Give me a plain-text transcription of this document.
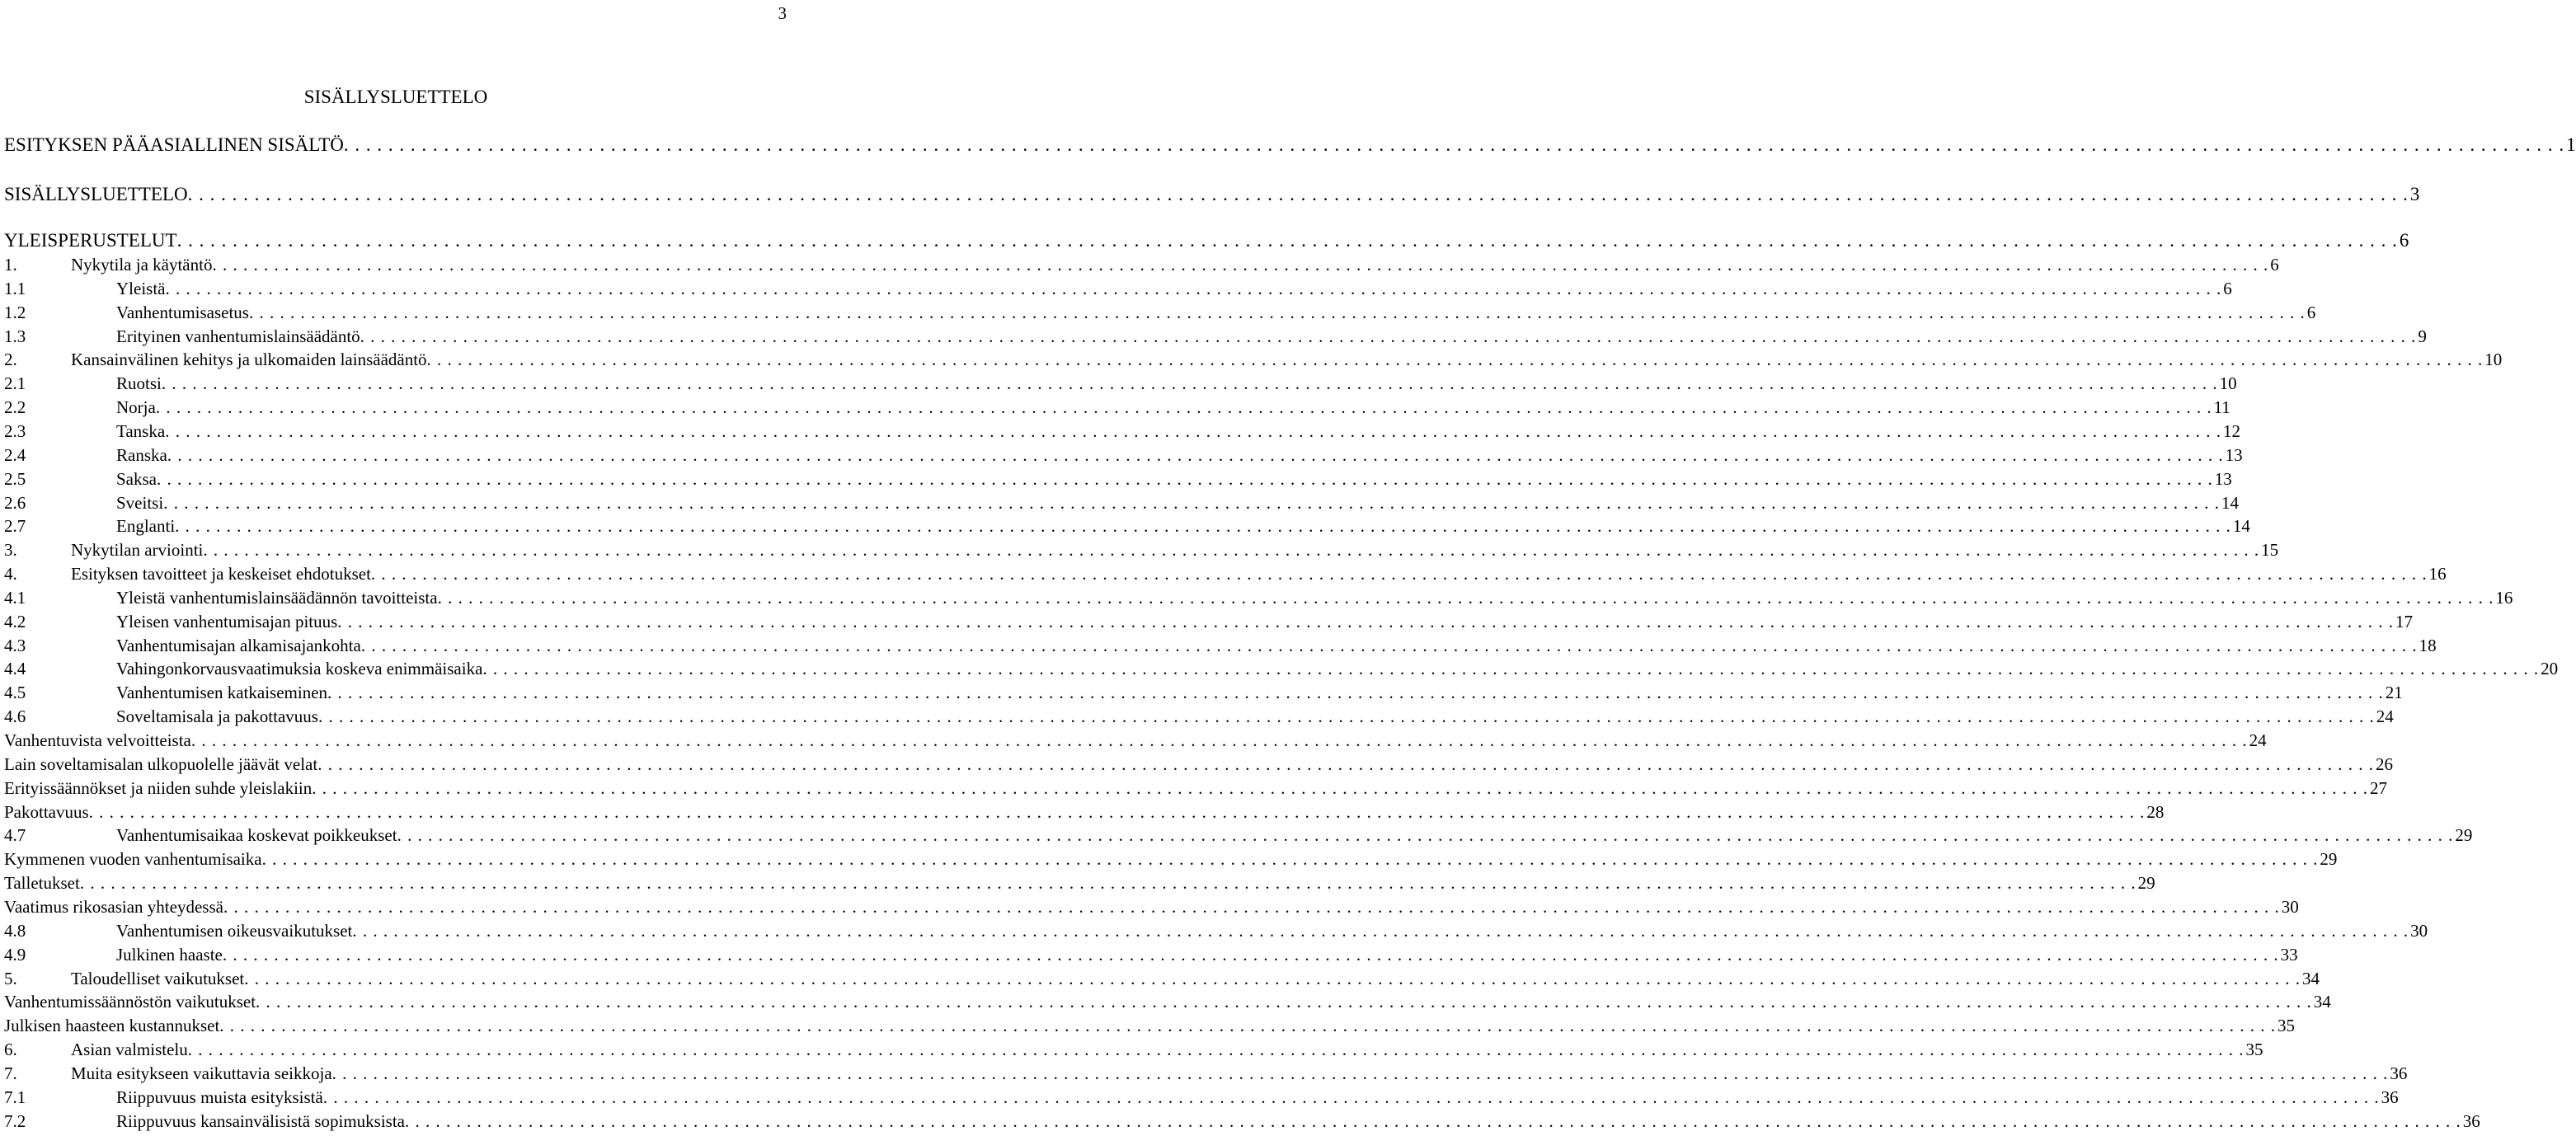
3
SISÄLLYSLUETTELO
ESITYKSEN PÄÄASIALLINEN SISÄLTÖ . . . . . . . . . . . . . . . . . . . . . . . . . . . . . . . . . . . . . . . . . . . . . . . . . . . . . . . . . . . . . . . . . . . . . . . . . . . . . . . . . . . . . . . . . . . . . . . . . . . . . . . . . . . . . . . . . . . . . . . . . . . . . . . . . . . . . . . . . . . . . . . . . . . . . . . . . . . . . . . . . . . . . . . . . . . . . . . . . . . . . . . . . . . . . . . . . . . . . . . . 1
SISÄLLYSLUETTELO . . . . . . . . . . . . . . . . . . . . . . . . . . . . . . . . . . . . . . . . . . . . . . . . . . . . . . . . . . . . . . . . . . . . . . . . . . . . . . . . . . . . . . . . . . . . . . . . . . . . . . . . . . . . . . . . . . . . . . . . . . . . . . . . . . . . . . . . . . . . . . . . . . . . . . . . . . . . . . . . . . . . . . . . . . . . . . . . . . . . . . . . . . . . . . . . . . . . . . . . 3
YLEISPERUSTELUT . . . . . . . . . . . . . . . . . . . . . . . . . . . . . . . . . . . . . . . . . . . . . . . . . . . . . . . . . . . . . . . . . . . . . . . . . . . . . . . . . . . . . . . . . . . . . . . . . . . . . . . . . . . . . . . . . . . . . . . . . . . . . . . . . . . . . . . . . . . . . . . . . . . . . . . . . . . . . . . . . . . . . . . . . . . . . . . . . . . . . . . . . . . . . . . . . . . . . . . . 6
1.	Nykytila ja käytäntö . . . . . . . . . . . . . . . . . . . . . . . . . . . . . . . . . . . . . . . . . . . . . . . . . . . . . . . . . . . . . . . . . . . . . . . . . . . . . . . . . . . . . . . . . . . . . . . . . . . . . . . . . . . . . . . . . . . . . . . . . . . . . . . . . . . . . . . . . . . . . . . . . . . . . . . . . . . . . . . . . . . . . . . . . . . . . . . . . . . . . . . . . . . . . . . . . . . . . . . . 6
1.1	Yleistä . . . . . . . . . . . . . . . . . . . . . . . . . . . . . . . . . . . . . . . . . . . . . . . . . . . . . . . . . . . . . . . . . . . . . . . . . . . . . . . . . . . . . . . . . . . . . . . . . . . . . . . . . . . . . . . . . . . . . . . . . . . . . . . . . . . . . . . . . . . . . . . . . . . . . . . . . . . . . . . . . . . . . . . . . . . . . . . . . . . . . . . . . . . . . . . . . . . . . . . . 6
1.2	Vanhentumisasetus . . . . . . . . . . . . . . . . . . . . . . . . . . . . . . . . . . . . . . . . . . . . . . . . . . . . . . . . . . . . . . . . . . . . . . . . . . . . . . . . . . . . . . . . . . . . . . . . . . . . . . . . . . . . . . . . . . . . . . . . . . . . . . . . . . . . . . . . . . . . . . . . . . . . . . . . . . . . . . . . . . . . . . . . . . . . . . . . . . . . . . . . . . . . . . . . . . . . . . . . 6
1.3	Erityinen vanhentumislainsäädäntö . . . . . . . . . . . . . . . . . . . . . . . . . . . . . . . . . . . . . . . . . . . . . . . . . . . . . . . . . . . . . . . . . . . . . . . . . . . . . . . . . . . . . . . . . . . . . . . . . . . . . . . . . . . . . . . . . . . . . . . . . . . . . . . . . . . . . . . . . . . . . . . . . . . . . . . . . . . . . . . . . . . . . . . . . . . . . . . . . . . . . . . . . . . . . . . . . . . . . . . . 9
2.	Kansainvälinen kehitys ja ulkomaiden lainsäädäntö . . . . . . . . . . . . . . . . . . . . . . . . . . . . . . . . . . . . . . . . . . . . . . . . . . . . . . . . . . . . . . . . . . . . . . . . . . . . . . . . . . . . . . . . . . . . . . . . . . . . . . . . . . . . . . . . . . . . . . . . . . . . . . . . . . . . . . . . . . . . . . . . . . . . . . . . . . . . . . . . . . . . . . . . . . . . . . . . . . . . . . . . . . . . . . . . . . . . . . . . 10
2.1	Ruotsi . . . . . . . . . . . . . . . . . . . . . . . . . . . . . . . . . . . . . . . . . . . . . . . . . . . . . . . . . . . . . . . . . . . . . . . . . . . . . . . . . . . . . . . . . . . . . . . . . . . . . . . . . . . . . . . . . . . . . . . . . . . . . . . . . . . . . . . . . . . . . . . . . . . . . . . . . . . . . . . . . . . . . . . . . . . . . . . . . . . . . . . . . . . . . . . . . . . . . . . . 10
2.2	Norja . . . . . . . . . . . . . . . . . . . . . . . . . . . . . . . . . . . . . . . . . . . . . . . . . . . . . . . . . . . . . . . . . . . . . . . . . . . . . . . . . . . . . . . . . . . . . . . . . . . . . . . . . . . . . . . . . . . . . . . . . . . . . . . . . . . . . . . . . . . . . . . . . . . . . . . . . . . . . . . . . . . . . . . . . . . . . . . . . . . . . . . . . . . . . . . . . . . . . . . . 11
2.3	Tanska . . . . . . . . . . . . . . . . . . . . . . . . . . . . . . . . . . . . . . . . . . . . . . . . . . . . . . . . . . . . . . . . . . . . . . . . . . . . . . . . . . . . . . . . . . . . . . . . . . . . . . . . . . . . . . . . . . . . . . . . . . . . . . . . . . . . . . . . . . . . . . . . . . . . . . . . . . . . . . . . . . . . . . . . . . . . . . . . . . . . . . . . . . . . . . . . . . . . . . . . 12
2.4	Ranska . . . . . . . . . . . . . . . . . . . . . . . . . . . . . . . . . . . . . . . . . . . . . . . . . . . . . . . . . . . . . . . . . . . . . . . . . . . . . . . . . . . . . . . . . . . . . . . . . . . . . . . . . . . . . . . . . . . . . . . . . . . . . . . . . . . . . . . . . . . . . . . . . . . . . . . . . . . . . . . . . . . . . . . . . . . . . . . . . . . . . . . . . . . . . . . . . . . . . . . . 13
2.5	Saksa . . . . . . . . . . . . . . . . . . . . . . . . . . . . . . . . . . . . . . . . . . . . . . . . . . . . . . . . . . . . . . . . . . . . . . . . . . . . . . . . . . . . . . . . . . . . . . . . . . . . . . . . . . . . . . . . . . . . . . . . . . . . . . . . . . . . . . . . . . . . . . . . . . . . . . . . . . . . . . . . . . . . . . . . . . . . . . . . . . . . . . . . . . . . . . . . . . . . . . . . 13
2.6	Sveitsi . . . . . . . . . . . . . . . . . . . . . . . . . . . . . . . . . . . . . . . . . . . . . . . . . . . . . . . . . . . . . . . . . . . . . . . . . . . . . . . . . . . . . . . . . . . . . . . . . . . . . . . . . . . . . . . . . . . . . . . . . . . . . . . . . . . . . . . . . . . . . . . . . . . . . . . . . . . . . . . . . . . . . . . . . . . . . . . . . . . . . . . . . . . . . . . . . . . . . . . . 14
2.7	Englanti . . . . . . . . . . . . . . . . . . . . . . . . . . . . . . . . . . . . . . . . . . . . . . . . . . . . . . . . . . . . . . . . . . . . . . . . . . . . . . . . . . . . . . . . . . . . . . . . . . . . . . . . . . . . . . . . . . . . . . . . . . . . . . . . . . . . . . . . . . . . . . . . . . . . . . . . . . . . . . . . . . . . . . . . . . . . . . . . . . . . . . . . . . . . . . . . . . . . . . . . 14
3.	Nykytilan arviointi . . . . . . . . . . . . . . . . . . . . . . . . . . . . . . . . . . . . . . . . . . . . . . . . . . . . . . . . . . . . . . . . . . . . . . . . . . . . . . . . . . . . . . . . . . . . . . . . . . . . . . . . . . . . . . . . . . . . . . . . . . . . . . . . . . . . . . . . . . . . . . . . . . . . . . . . . . . . . . . . . . . . . . . . . . . . . . . . . . . . . . . . . . . . . . . . . . . . . . . . 15
4.	Esityksen tavoitteet ja keskeiset ehdotukset . . . . . . . . . . . . . . . . . . . . . . . . . . . . . . . . . . . . . . . . . . . . . . . . . . . . . . . . . . . . . . . . . . . . . . . . . . . . . . . . . . . . . . . . . . . . . . . . . . . . . . . . . . . . . . . . . . . . . . . . . . . . . . . . . . . . . . . . . . . . . . . . . . . . . . . . . . . . . . . . . . . . . . . . . . . . . . . . . . . . . . . . . . . . . . . . . . . . . . . . 16
4.1	Yleistä vanhentumislainsäädännön tavoitteista . . . . . . . . . . . . . . . . . . . . . . . . . . . . . . . . . . . . . . . . . . . . . . . . . . . . . . . . . . . . . . . . . . . . . . . . . . . . . . . . . . . . . . . . . . . . . . . . . . . . . . . . . . . . . . . . . . . . . . . . . . . . . . . . . . . . . . . . . . . . . . . . . . . . . . . . . . . . . . . . . . . . . . . . . . . . . . . . . . . . . . . . . . . . . . . . . . . . . . . . 16
4.2	Yleisen vanhentumisajan pituus . . . . . . . . . . . . . . . . . . . . . . . . . . . . . . . . . . . . . . . . . . . . . . . . . . . . . . . . . . . . . . . . . . . . . . . . . . . . . . . . . . . . . . . . . . . . . . . . . . . . . . . . . . . . . . . . . . . . . . . . . . . . . . . . . . . . . . . . . . . . . . . . . . . . . . . . . . . . . . . . . . . . . . . . . . . . . . . . . . . . . . . . . . . . . . . . . . . . . . . . 17
4.3	Vanhentumisajan alkamisajankohta . . . . . . . . . . . . . . . . . . . . . . . . . . . . . . . . . . . . . . . . . . . . . . . . . . . . . . . . . . . . . . . . . . . . . . . . . . . . . . . . . . . . . . . . . . . . . . . . . . . . . . . . . . . . . . . . . . . . . . . . . . . . . . . . . . . . . . . . . . . . . . . . . . . . . . . . . . . . . . . . . . . . . . . . . . . . . . . . . . . . . . . . . . . . . . . . . . . . . . . . 18
4.4	Vahingonkorvausvaatimuksia koskeva enimmäisaika . . . . . . . . . . . . . . . . . . . . . . . . . . . . . . . . . . . . . . . . . . . . . . . . . . . . . . . . . . . . . . . . . . . . . . . . . . . . . . . . . . . . . . . . . . . . . . . . . . . . . . . . . . . . . . . . . . . . . . . . . . . . . . . . . . . . . . . . . . . . . . . . . . . . . . . . . . . . . . . . . . . . . . . . . . . . . . . . . . . . . . . . . . . . . . . . . . . . . . . . 20
4.5	Vanhentumisen katkaiseminen . . . . . . . . . . . . . . . . . . . . . . . . . . . . . . . . . . . . . . . . . . . . . . . . . . . . . . . . . . . . . . . . . . . . . . . . . . . . . . . . . . . . . . . . . . . . . . . . . . . . . . . . . . . . . . . . . . . . . . . . . . . . . . . . . . . . . . . . . . . . . . . . . . . . . . . . . . . . . . . . . . . . . . . . . . . . . . . . . . . . . . . . . . . . . . . . . . . . . . . . 21
4.6	Soveltamisala ja pakottavuus . . . . . . . . . . . . . . . . . . . . . . . . . . . . . . . . . . . . . . . . . . . . . . . . . . . . . . . . . . . . . . . . . . . . . . . . . . . . . . . . . . . . . . . . . . . . . . . . . . . . . . . . . . . . . . . . . . . . . . . . . . . . . . . . . . . . . . . . . . . . . . . . . . . . . . . . . . . . . . . . . . . . . . . . . . . . . . . . . . . . . . . . . . . . . . . . . . . . . . . . 24
Vanhentuvista velvoitteista . . . . . . . . . . . . . . . . . . . . . . . . . . . . . . . . . . . . . . . . . . . . . . . . . . . . . . . . . . . . . . . . . . . . . . . . . . . . . . . . . . . . . . . . . . . . . . . . . . . . . . . . . . . . . . . . . . . . . . . . . . . . . . . . . . . . . . . . . . . . . . . . . . . . . . . . . . . . . . . . . . . . . . . . . . . . . . . . . . . . . . . . . . . . . . . . . . . . . . . . 24
Lain soveltamisalan ulkopuolelle jäävät velat . . . . . . . . . . . . . . . . . . . . . . . . . . . . . . . . . . . . . . . . . . . . . . . . . . . . . . . . . . . . . . . . . . . . . . . . . . . . . . . . . . . . . . . . . . . . . . . . . . . . . . . . . . . . . . . . . . . . . . . . . . . . . . . . . . . . . . . . . . . . . . . . . . . . . . . . . . . . . . . . . . . . . . . . . . . . . . . . . . . . . . . . . . . . . . . . . . . . . . . . 26
Erityissäännökset ja niiden suhde yleislakiin . . . . . . . . . . . . . . . . . . . . . . . . . . . . . . . . . . . . . . . . . . . . . . . . . . . . . . . . . . . . . . . . . . . . . . . . . . . . . . . . . . . . . . . . . . . . . . . . . . . . . . . . . . . . . . . . . . . . . . . . . . . . . . . . . . . . . . . . . . . . . . . . . . . . . . . . . . . . . . . . . . . . . . . . . . . . . . . . . . . . . . . . . . . . . . . . . . . . . . . . 27
Pakottavuus . . . . . . . . . . . . . . . . . . . . . . . . . . . . . . . . . . . . . . . . . . . . . . . . . . . . . . . . . . . . . . . . . . . . . . . . . . . . . . . . . . . . . . . . . . . . . . . . . . . . . . . . . . . . . . . . . . . . . . . . . . . . . . . . . . . . . . . . . . . . . . . . . . . . . . . . . . . . . . . . . . . . . . . . . . . . . . . . . . . . . . . . . . . . . . . . . . . . . . . . 28
4.7	Vanhentumisaikaa koskevat poikkeukset . . . . . . . . . . . . . . . . . . . . . . . . . . . . . . . . . . . . . . . . . . . . . . . . . . . . . . . . . . . . . . . . . . . . . . . . . . . . . . . . . . . . . . . . . . . . . . . . . . . . . . . . . . . . . . . . . . . . . . . . . . . . . . . . . . . . . . . . . . . . . . . . . . . . . . . . . . . . . . . . . . . . . . . . . . . . . . . . . . . . . . . . . . . . . . . . . . . . . . . . 29
Kymmenen vuoden vanhentumisaika . . . . . . . . . . . . . . . . . . . . . . . . . . . . . . . . . . . . . . . . . . . . . . . . . . . . . . . . . . . . . . . . . . . . . . . . . . . . . . . . . . . . . . . . . . . . . . . . . . . . . . . . . . . . . . . . . . . . . . . . . . . . . . . . . . . . . . . . . . . . . . . . . . . . . . . . . . . . . . . . . . . . . . . . . . . . . . . . . . . . . . . . . . . . . . . . . . . . . . . . 29
Talletukset . . . . . . . . . . . . . . . . . . . . . . . . . . . . . . . . . . . . . . . . . . . . . . . . . . . . . . . . . . . . . . . . . . . . . . . . . . . . . . . . . . . . . . . . . . . . . . . . . . . . . . . . . . . . . . . . . . . . . . . . . . . . . . . . . . . . . . . . . . . . . . . . . . . . . . . . . . . . . . . . . . . . . . . . . . . . . . . . . . . . . . . . . . . . . . . . . . . . . . . . 29
Vaatimus rikosasian yhteydessä . . . . . . . . . . . . . . . . . . . . . . . . . . . . . . . . . . . . . . . . . . . . . . . . . . . . . . . . . . . . . . . . . . . . . . . . . . . . . . . . . . . . . . . . . . . . . . . . . . . . . . . . . . . . . . . . . . . . . . . . . . . . . . . . . . . . . . . . . . . . . . . . . . . . . . . . . . . . . . . . . . . . . . . . . . . . . . . . . . . . . . . . . . . . . . . . . . . . . . . . 30
4.8	Vanhentumisen oikeusvaikutukset . . . . . . . . . . . . . . . . . . . . . . . . . . . . . . . . . . . . . . . . . . . . . . . . . . . . . . . . . . . . . . . . . . . . . . . . . . . . . . . . . . . . . . . . . . . . . . . . . . . . . . . . . . . . . . . . . . . . . . . . . . . . . . . . . . . . . . . . . . . . . . . . . . . . . . . . . . . . . . . . . . . . . . . . . . . . . . . . . . . . . . . . . . . . . . . . . . . . . . . . 30
4.9	Julkinen haaste . . . . . . . . . . . . . . . . . . . . . . . . . . . . . . . . . . . . . . . . . . . . . . . . . . . . . . . . . . . . . . . . . . . . . . . . . . . . . . . . . . . . . . . . . . . . . . . . . . . . . . . . . . . . . . . . . . . . . . . . . . . . . . . . . . . . . . . . . . . . . . . . . . . . . . . . . . . . . . . . . . . . . . . . . . . . . . . . . . . . . . . . . . . . . . . . . . . . . . . . 33
5.	Taloudelliset vaikutukset . . . . . . . . . . . . . . . . . . . . . . . . . . . . . . . . . . . . . . . . . . . . . . . . . . . . . . . . . . . . . . . . . . . . . . . . . . . . . . . . . . . . . . . . . . . . . . . . . . . . . . . . . . . . . . . . . . . . . . . . . . . . . . . . . . . . . . . . . . . . . . . . . . . . . . . . . . . . . . . . . . . . . . . . . . . . . . . . . . . . . . . . . . . . . . . . . . . . . . . . 34
Vanhentumissäännöstön vaikutukset . . . . . . . . . . . . . . . . . . . . . . . . . . . . . . . . . . . . . . . . . . . . . . . . . . . . . . . . . . . . . . . . . . . . . . . . . . . . . . . . . . . . . . . . . . . . . . . . . . . . . . . . . . . . . . . . . . . . . . . . . . . . . . . . . . . . . . . . . . . . . . . . . . . . . . . . . . . . . . . . . . . . . . . . . . . . . . . . . . . . . . . . . . . . . . . . . . . . . . . . 34
Julkisen haasteen kustannukset . . . . . . . . . . . . . . . . . . . . . . . . . . . . . . . . . . . . . . . . . . . . . . . . . . . . . . . . . . . . . . . . . . . . . . . . . . . . . . . . . . . . . . . . . . . . . . . . . . . . . . . . . . . . . . . . . . . . . . . . . . . . . . . . . . . . . . . . . . . . . . . . . . . . . . . . . . . . . . . . . . . . . . . . . . . . . . . . . . . . . . . . . . . . . . . . . . . . . . . . 35
6.	Asian valmistelu . . . . . . . . . . . . . . . . . . . . . . . . . . . . . . . . . . . . . . . . . . . . . . . . . . . . . . . . . . . . . . . . . . . . . . . . . . . . . . . . . . . . . . . . . . . . . . . . . . . . . . . . . . . . . . . . . . . . . . . . . . . . . . . . . . . . . . . . . . . . . . . . . . . . . . . . . . . . . . . . . . . . . . . . . . . . . . . . . . . . . . . . . . . . . . . . . . . . . . . . 35
7.	Muita esitykseen vaikuttavia seikkoja . . . . . . . . . . . . . . . . . . . . . . . . . . . . . . . . . . . . . . . . . . . . . . . . . . . . . . . . . . . . . . . . . . . . . . . . . . . . . . . . . . . . . . . . . . . . . . . . . . . . . . . . . . . . . . . . . . . . . . . . . . . . . . . . . . . . . . . . . . . . . . . . . . . . . . . . . . . . . . . . . . . . . . . . . . . . . . . . . . . . . . . . . . . . . . . . . . . . . . . . 36
7.1	Riippuvuus muista esityksistä . . . . . . . . . . . . . . . . . . . . . . . . . . . . . . . . . . . . . . . . . . . . . . . . . . . . . . . . . . . . . . . . . . . . . . . . . . . . . . . . . . . . . . . . . . . . . . . . . . . . . . . . . . . . . . . . . . . . . . . . . . . . . . . . . . . . . . . . . . . . . . . . . . . . . . . . . . . . . . . . . . . . . . . . . . . . . . . . . . . . . . . . . . . . . . . . . . . . . . . . 36
7.2	Riippuvuus kansainvälisistä sopimuksista . . . . . . . . . . . . . . . . . . . . . . . . . . . . . . . . . . . . . . . . . . . . . . . . . . . . . . . . . . . . . . . . . . . . . . . . . . . . . . . . . . . . . . . . . . . . . . . . . . . . . . . . . . . . . . . . . . . . . . . . . . . . . . . . . . . . . . . . . . . . . . . . . . . . . . . . . . . . . . . . . . . . . . . . . . . . . . . . . . . . . . . . . . . . . . . . . . . . . . . . 36
